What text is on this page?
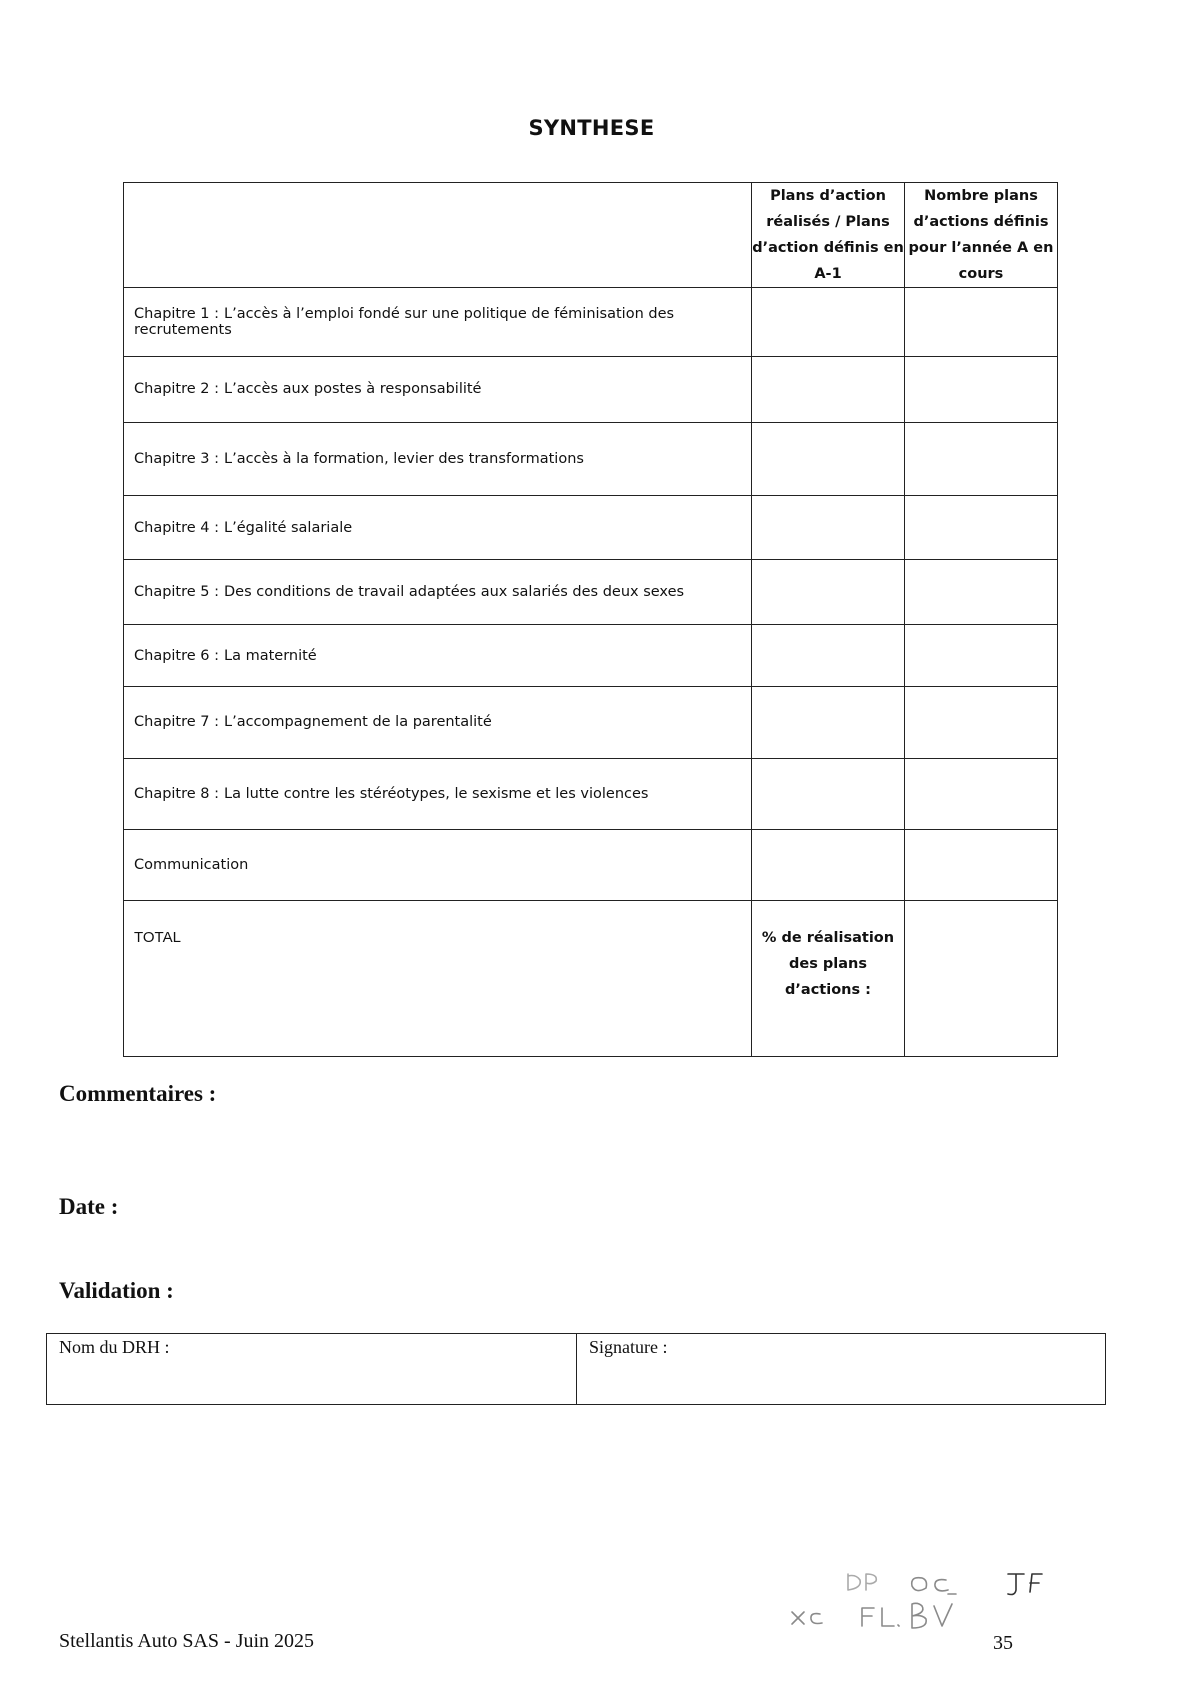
SYNTHESE
	Plans d’action réalisés / Plans d’action définis en A-1	Nombre plans d’actions définis pour l’année A en cours
Chapitre 1 : L’accès à l’emploi fondé sur une politique de féminisation des recrutements		
Chapitre 2 : L’accès aux postes à responsabilité		
Chapitre 3 : L’accès à la formation, levier des transformations		
Chapitre 4 : L’égalité salariale		
Chapitre 5 : Des conditions de travail adaptées aux salariés des deux sexes		
Chapitre 6 : La maternité		
Chapitre 7 : L’accompagnement de la parentalité		
Chapitre 8 : La lutte contre les stéréotypes, le sexisme et les violences		
Communication		
TOTAL	% de réalisation des plans d’actions :	
Commentaires :
Date :
Validation :
Nom du DRH :	Signature :
Stellantis Auto SAS - Juin 2025	35
